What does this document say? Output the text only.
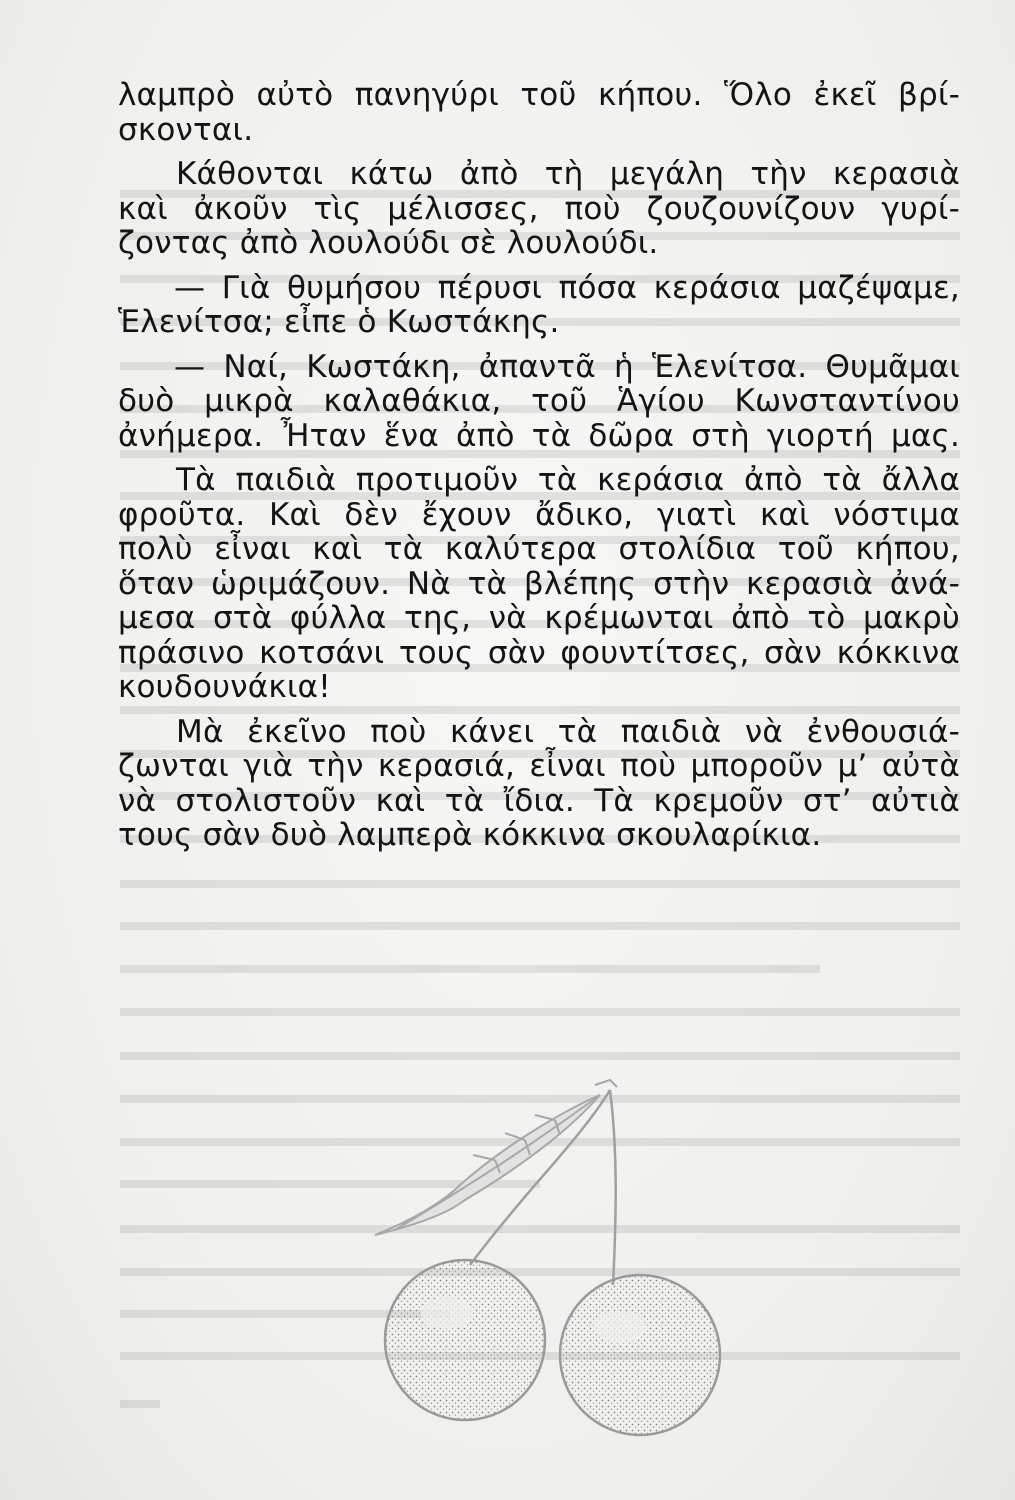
λαμπρὸ αὐτὸ πανηγύρι τοῦ κήπου. Ὅλο ἐκεῖ βρί-
σκονται.
Κάθονται κάτω ἀπὸ τὴ μεγάλη τὴν κερασιὰ
καὶ ἀκοῦν τὶς μέλισσες, ποὺ ζουζουνίζουν γυρί-
ζοντας ἀπὸ λουλούδι σὲ λουλούδι.
— Γιὰ θυμήσου πέρυσι πόσα κεράσια μαζέψαμε,
Ἑλενίτσα; εἶπε ὁ Κωστάκης.
— Ναί, Κωστάκη, ἀπαντᾶ ἡ Ἑλενίτσα. Θυμᾶμαι
δυὸ μικρὰ καλαθάκια, τοῦ Ἁγίου Κωνσταντίνου
ἀνήμερα. Ἦταν ἕνα ἀπὸ τὰ δῶρα στὴ γιορτή μας.
Τὰ παιδιὰ προτιμοῦν τὰ κεράσια ἀπὸ τὰ ἄλλα
φροῦτα. Καὶ δὲν ἔχουν ἄδικο, γιατὶ καὶ νόστιμα
πολὺ εἶναι καὶ τὰ καλύτερα στολίδια τοῦ κήπου,
ὅταν ὡριμάζουν. Νὰ τὰ βλέπης στὴν κερασιὰ ἀνά-
μεσα στὰ φύλλα της, νὰ κρέμωνται ἀπὸ τὸ μακρὺ
πράσινο κοτσάνι τους σὰν φουντίτσες, σὰν κόκκινα
κουδουνάκια!
Μὰ ἐκεῖνο ποὺ κάνει τὰ παιδιὰ νὰ ἐνθουσιά-
ζωνται γιὰ τὴν κερασιά, εἶναι ποὺ μποροῦν μ’ αὐτὰ
νὰ στολιστοῦν καὶ τὰ ἴδια. Τὰ κρεμοῦν στ’ αὐτιὰ
τους σὰν δυὸ λαμπερὰ κόκκινα σκουλαρίκια.
